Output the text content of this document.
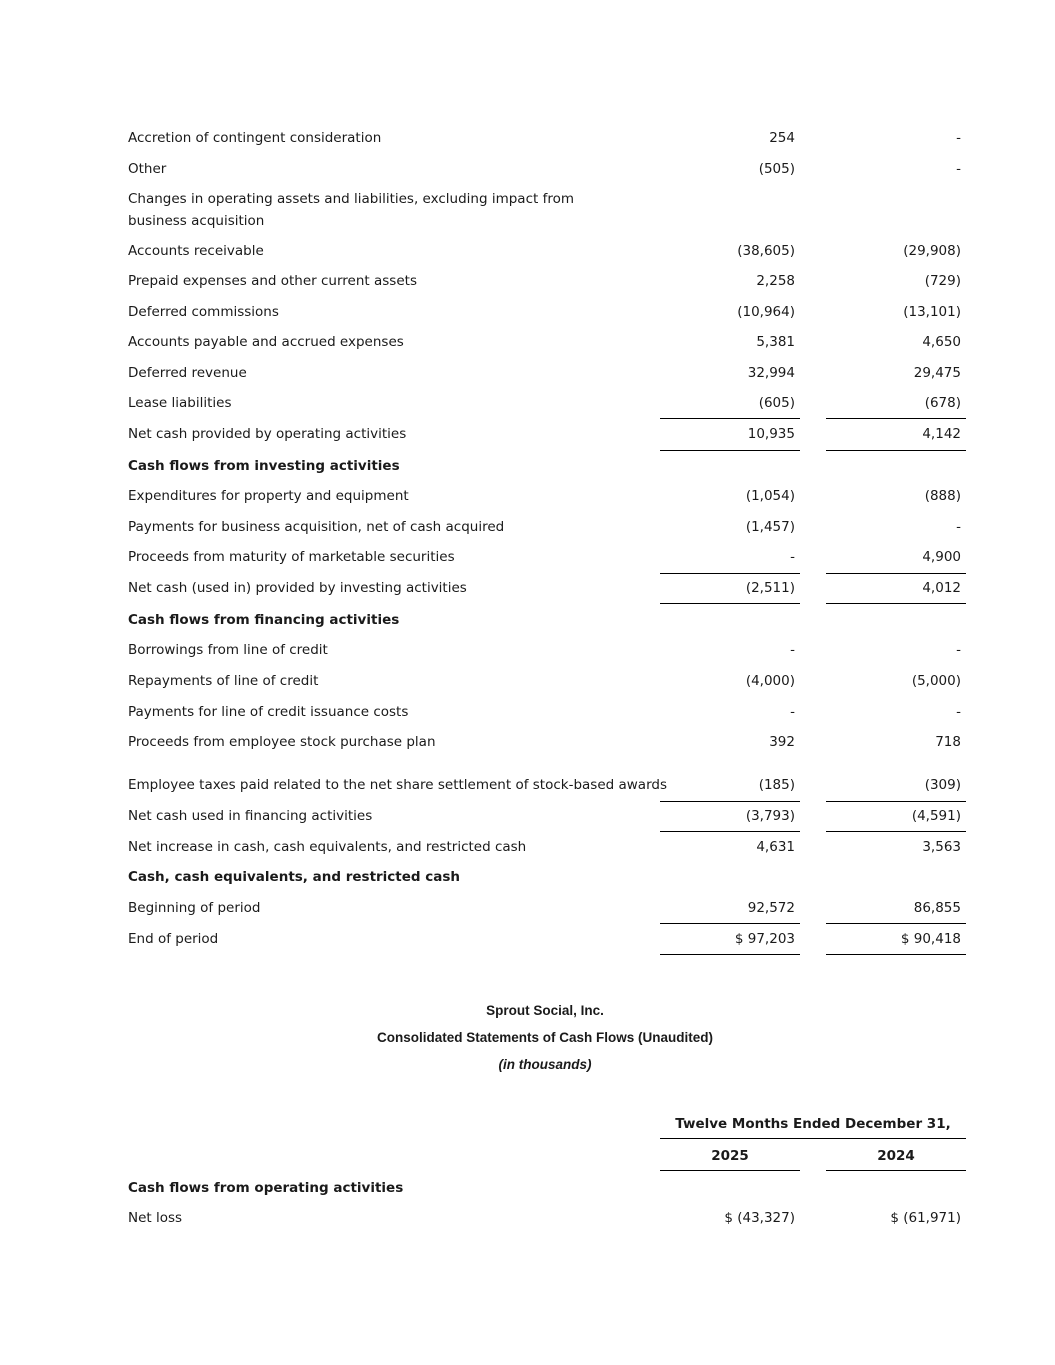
Accretion of contingent consideration	254	-
Other	(505)	-
Changes in operating assets and liabilities, excluding impact from business acquisition
Accounts receivable	(38,605)	(29,908)
Prepaid expenses and other current assets	2,258	(729)
Deferred commissions	(10,964)	(13,101)
Accounts payable and accrued expenses	5,381	4,650
Deferred revenue	32,994	29,475
Lease liabilities	(605)	(678)
Net cash provided by operating activities	10,935	4,142
Cash flows from investing activities
Expenditures for property and equipment	(1,054)	(888)
Payments for business acquisition, net of cash acquired	(1,457)	-
Proceeds from maturity of marketable securities	-	4,900
Net cash (used in) provided by investing activities	(2,511)	4,012
Cash flows from financing activities
Borrowings from line of credit	-	-
Repayments of line of credit	(4,000)	(5,000)
Payments for line of credit issuance costs	-	-
Proceeds from employee stock purchase plan	392	718
Employee taxes paid related to the net share settlement of stock-based awards	(185)	(309)
Net cash used in financing activities	(3,793)	(4,591)
Net increase in cash, cash equivalents, and restricted cash	4,631	3,563
Cash, cash equivalents, and restricted cash
Beginning of period	92,572	86,855
End of period	$ 97,203	$ 90,418
Sprout Social, Inc.
Consolidated Statements of Cash Flows (Unaudited)
(in thousands)
Twelve Months Ended December 31,
2025	2024
Cash flows from operating activities
Net loss	$ (43,327)	$ (61,971)
